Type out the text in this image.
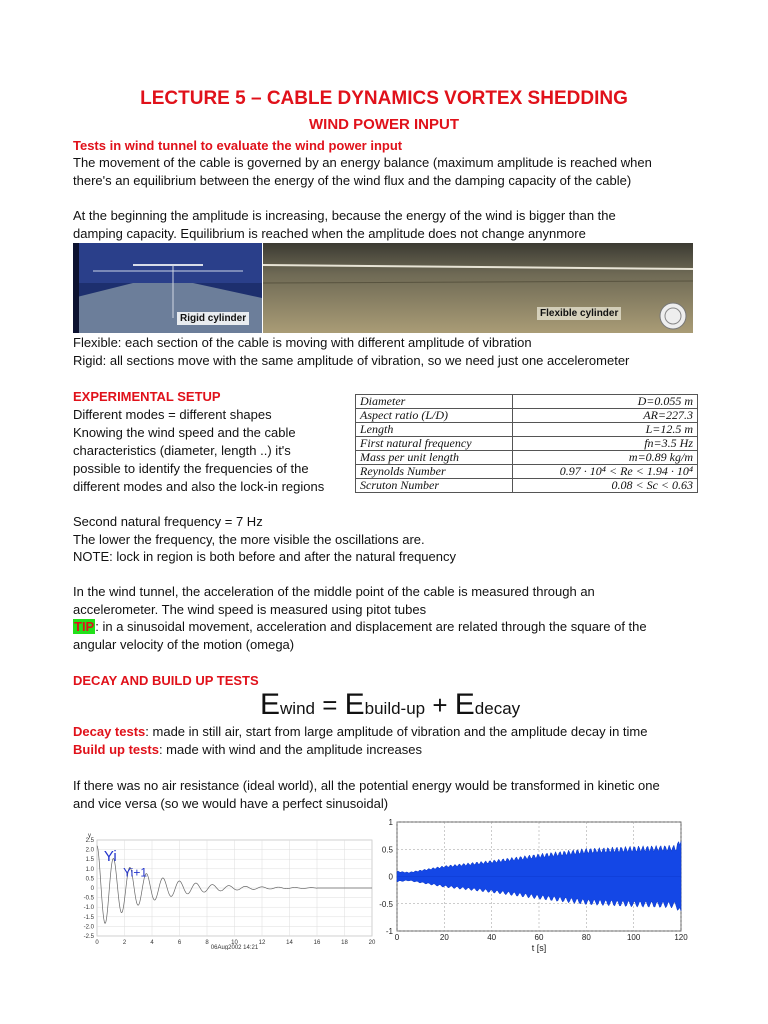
LECTURE 5 – CABLE DYNAMICS VORTEX SHEDDING
WIND POWER INPUT
Tests in wind tunnel to evaluate the wind power input
The movement of the cable is governed by an energy balance (maximum amplitude is reached when
there's an equilibrium between the energy of the wind flux and the damping capacity of the cable)
At the beginning the amplitude is increasing, because the energy of the wind is bigger than the
damping capacity. Equilibrium is reached when the amplitude does not change anynmore
Rigid cylinder	Flexible cylinder
Flexible: each section of the cable is moving with different amplitude of vibration
Rigid: all sections move with the same amplitude of vibration, so we need just one accelerometer
EXPERIMENTAL SETUP
Different modes = different shapes
Knowing the wind speed and the cable
characteristics (diameter, length ..) it's
possible to identify the frequencies of the
different modes and also the lock-in regions
Diameter	D=0.055 m
Aspect ratio (L/D)	AR=227.3
Length	L=12.5 m
First natural frequency	fn=3.5 Hz
Mass per unit length	m=0.89 kg/m
Reynolds Number	0.97 · 10⁴ < Re < 1.94 · 10⁴
Scruton Number	0.08 < Sc < 0.63
Second natural frequency = 7 Hz
The lower the frequency, the more visible the oscillations are.
NOTE: lock in region is both before and after the natural frequency
In the wind tunnel, the acceleration of the middle point of the cable is measured through an
accelerometer. The wind speed is measured using pitot tubes
TIP: in a sinusoidal movement, acceleration and displacement are related through the square of the
angular velocity of the motion (omega)
DECAY AND BUILD UP TESTS
Ewind = Ebuild-up + Edecay
Decay tests: made in still air, start from large amplitude of vibration and the amplitude decay in time
Build up tests: made with wind and the amplitude increases
If there was no air resistance (ideal world), all the potential energy would be transformed in kinetic one
and vice versa (so we would have a perfect sinusoidal)
0	2	4	6	8	10	12	14	16	18	20
2.5
2.0
1.5
1.0
0.5
0
-0.5
-1.0
-1.5
-2.0
-2.5
y
Yi
Yi+1
06Aug2002 14:21
0	20	40	60	80	100	120
1
0.5
0
-0.5
-1
t [s]
